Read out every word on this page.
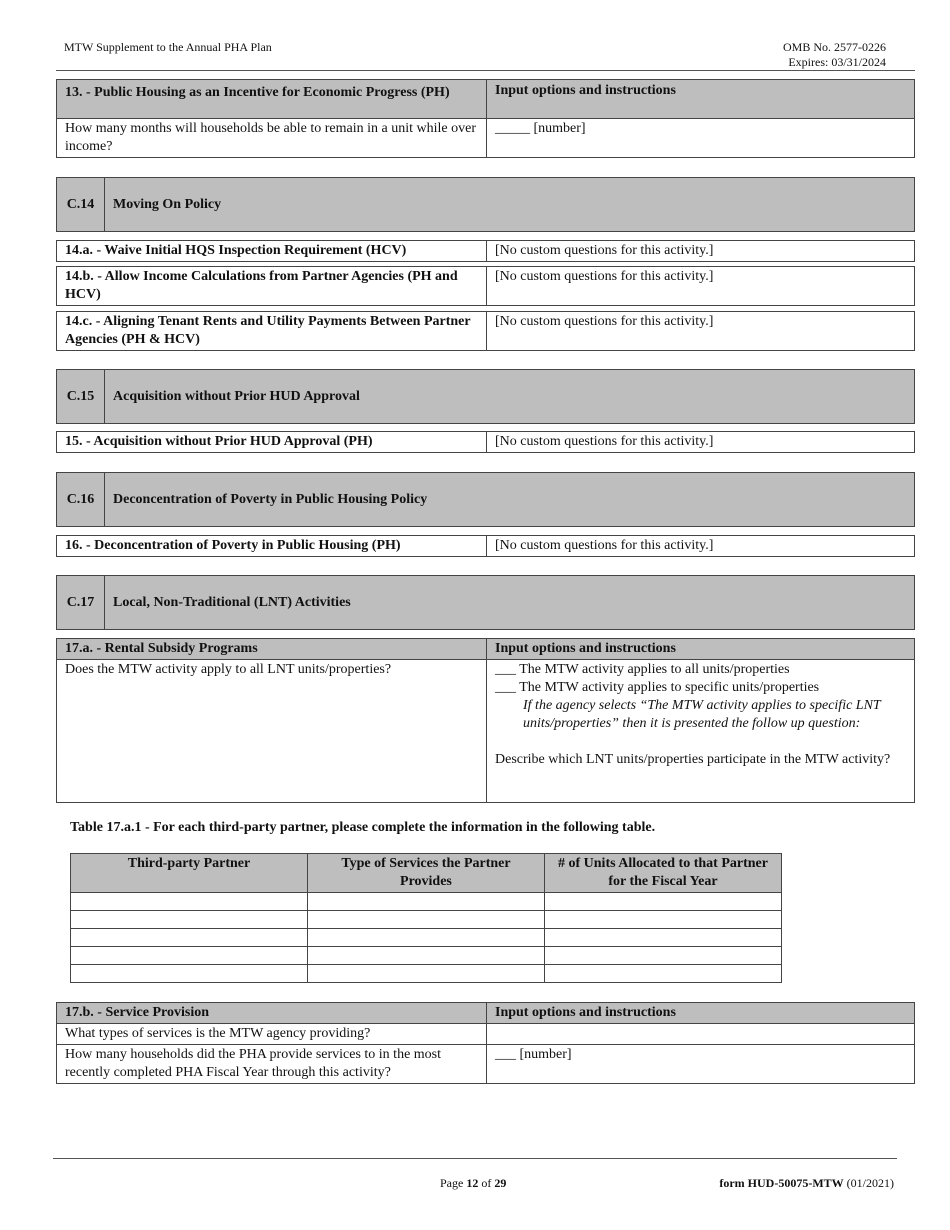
MTW Supplement to the Annual PHA Plan	OMB No. 2577-0226
Expires: 03/31/2024
13. - Public Housing as an Incentive for Economic Progress (PH)	Input options and instructions
How many months will households be able to remain in a unit while over income?	_____ [number]
C.14	Moving On Policy
14.a. - Waive Initial HQS Inspection Requirement (HCV)	[No custom questions for this activity.]
14.b. - Allow Income Calculations from Partner Agencies (PH and HCV)	[No custom questions for this activity.]
14.c. - Aligning Tenant Rents and Utility Payments Between Partner Agencies (PH & HCV)	[No custom questions for this activity.]
C.15	Acquisition without Prior HUD Approval
15. - Acquisition without Prior HUD Approval (PH)	[No custom questions for this activity.]
C.16	Deconcentration of Poverty in Public Housing Policy
16. - Deconcentration of Poverty in Public Housing (PH)	[No custom questions for this activity.]
C.17	Local, Non-Traditional (LNT) Activities
17.a. - Rental Subsidy Programs	Input options and instructions
Does the MTW activity apply to all LNT units/properties?	___ The MTW activity applies to all units/properties
___ The MTW activity applies to specific units/properties
If the agency selects “The MTW activity applies to specific LNT units/properties” then it is presented the follow up question:
Describe which LNT units/properties participate in the MTW activity?
Table 17.a.1 - For each third-party partner, please complete the information in the following table.
Third-party Partner	Type of Services the Partner Provides	# of Units Allocated to that Partner for the Fiscal Year

17.b. - Service Provision	Input options and instructions
What types of services is the MTW agency providing?	
How many households did the PHA provide services to in the most recently completed PHA Fiscal Year through this activity?	___ [number]
Page 12 of 29	form HUD-50075-MTW (01/2021)
